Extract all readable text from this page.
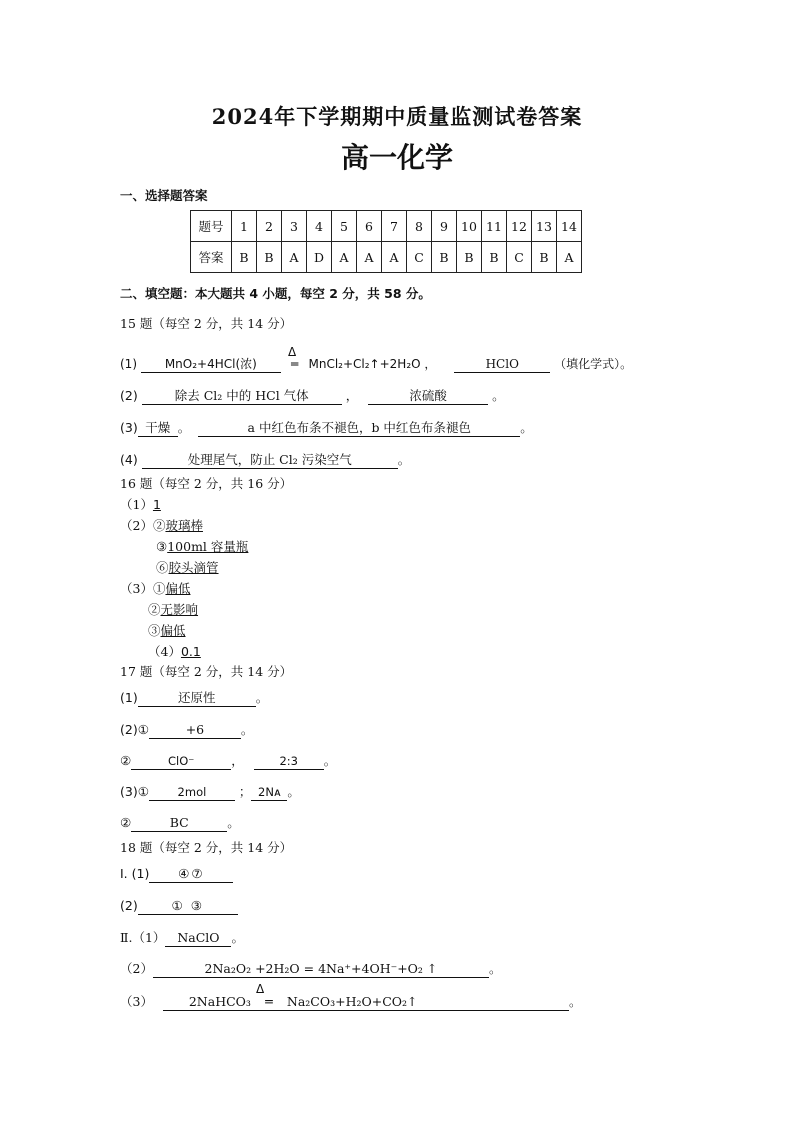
2024年下学期期中质量监测试卷答案
高一化学
一、选择题答案
题号	1	2	3	4	5	6	7	8	9	10	11	12	13	14
答案	B	B	A	D	A	A	A	C	B	B	B	C	B	A
二、填空题：本大题共 4 小题，每空 2 分，共 58 分。
15 题（每空 2 分，共 14 分）
(1) MnO₂+4HCl(浓)	═ MnCl₂+Cl₂↑+2H₂O ，	HClO	（填化学式）。
Δ
(2)	除去 Cl₂ 中的 HCl 气体	，	浓硫酸	。
(3) 干燥 。	a 中红色布条不褪色，b 中红色布条褪色	。
(4)	处理尾气，防止 Cl₂ 污染空气	。
16 题（每空 2 分，共 16 分）
（1）1
（2）②玻璃棒
③100ml 容量瓶
⑥胶头滴管
（3）①偏低
②无影响
③偏低
（4）0.1
17 题（每空 2 分，共 14 分）
(1)	还原性	。
(2)①	+6	。
②	ClO⁻	，	2:3 。
(3)① 2mol	； 2Nᴀ 。
②	BC	。
18 题（每空 2 分，共 14 分）
Ⅰ. (1) ④⑦
(2)	① ③
Ⅱ.（1） NaClO 。
（2）	2Na₂O₂ +2H₂O = 4Na⁺+4OH⁻+O₂ ↑	。
（3）	2NaHCO₃ ═ Na₂CO₃+H₂O+CO₂↑	。
Δ
